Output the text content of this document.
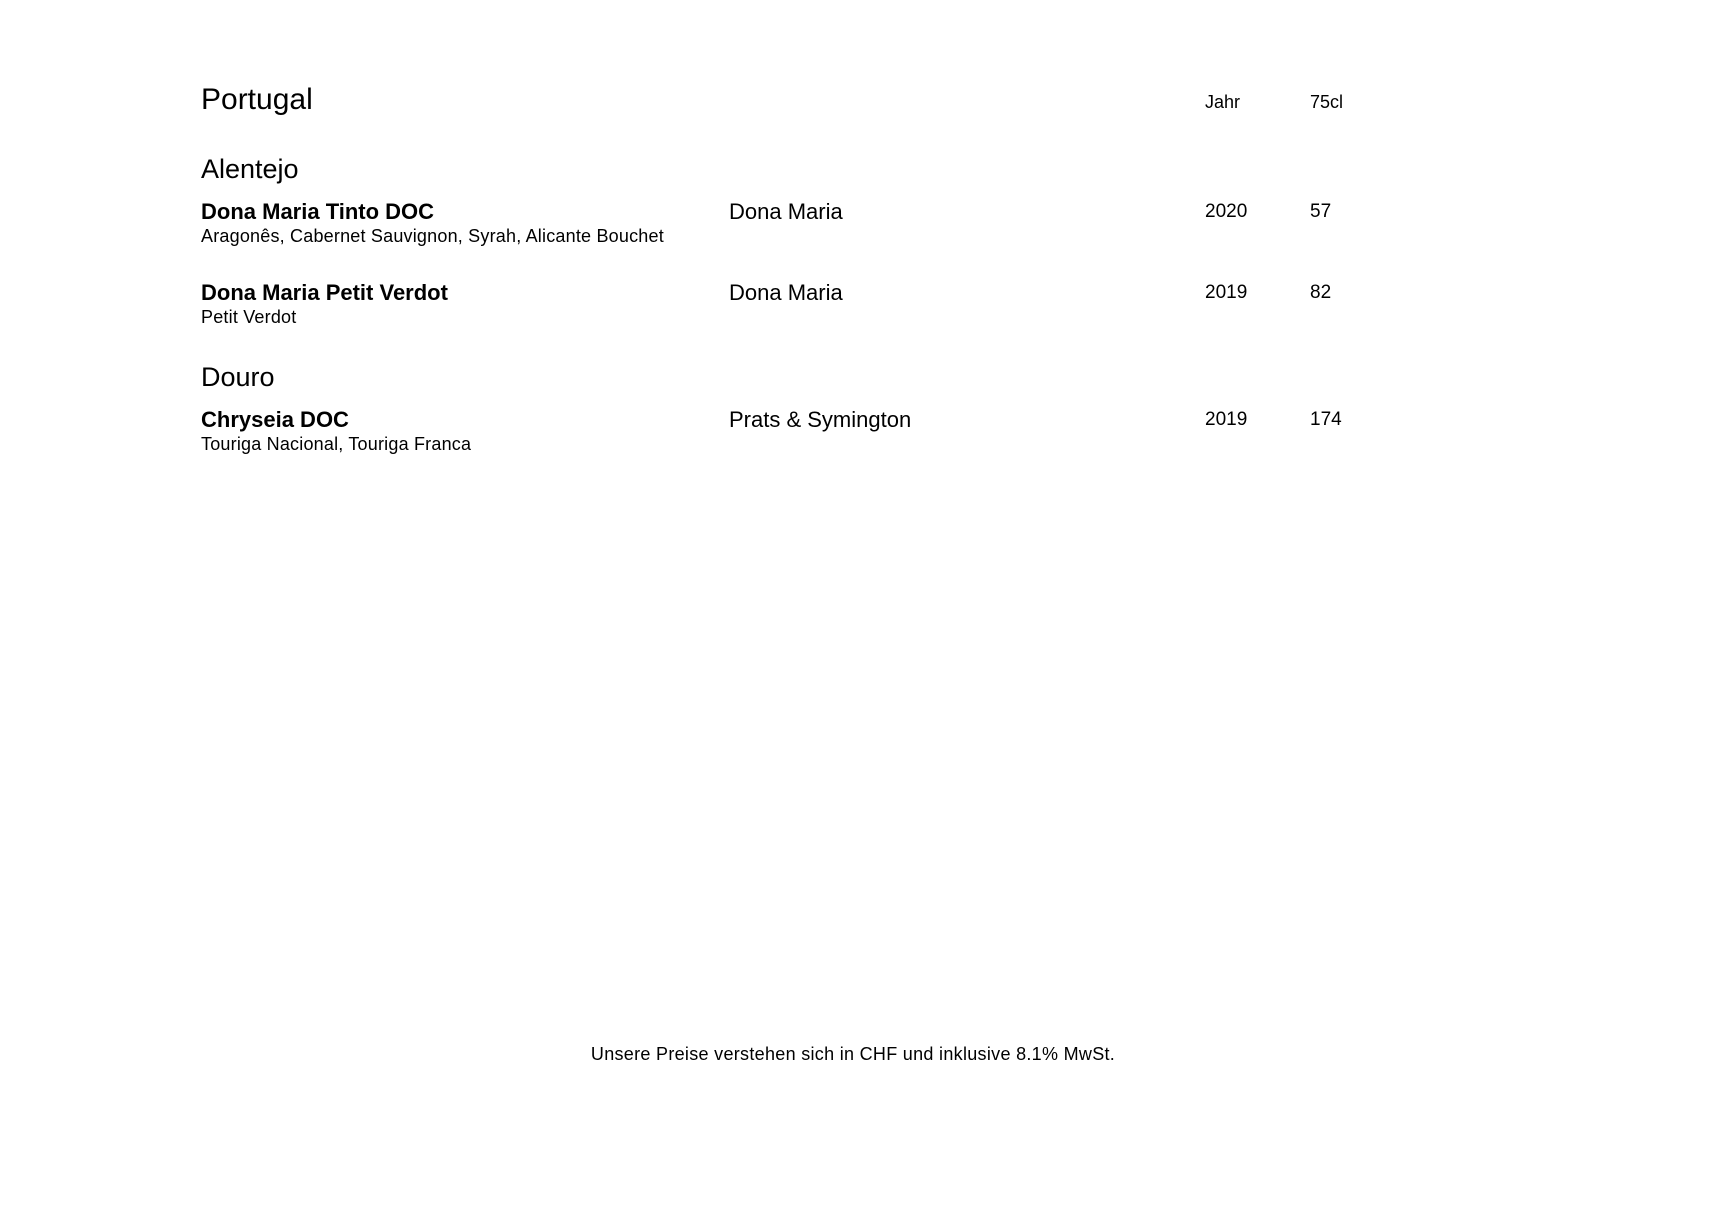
Portugal	Jahr	75cl
Alentejo
Dona Maria Tinto DOC	Dona Maria	2020	57
Aragonês, Cabernet Sauvignon, Syrah, Alicante Bouchet
Dona Maria Petit Verdot	Dona Maria	2019	82
Petit Verdot
Douro
Chryseia DOC	Prats & Symington	2019	174
Touriga Nacional, Touriga Franca
Unsere Preise verstehen sich in CHF und inklusive 8.1% MwSt.
